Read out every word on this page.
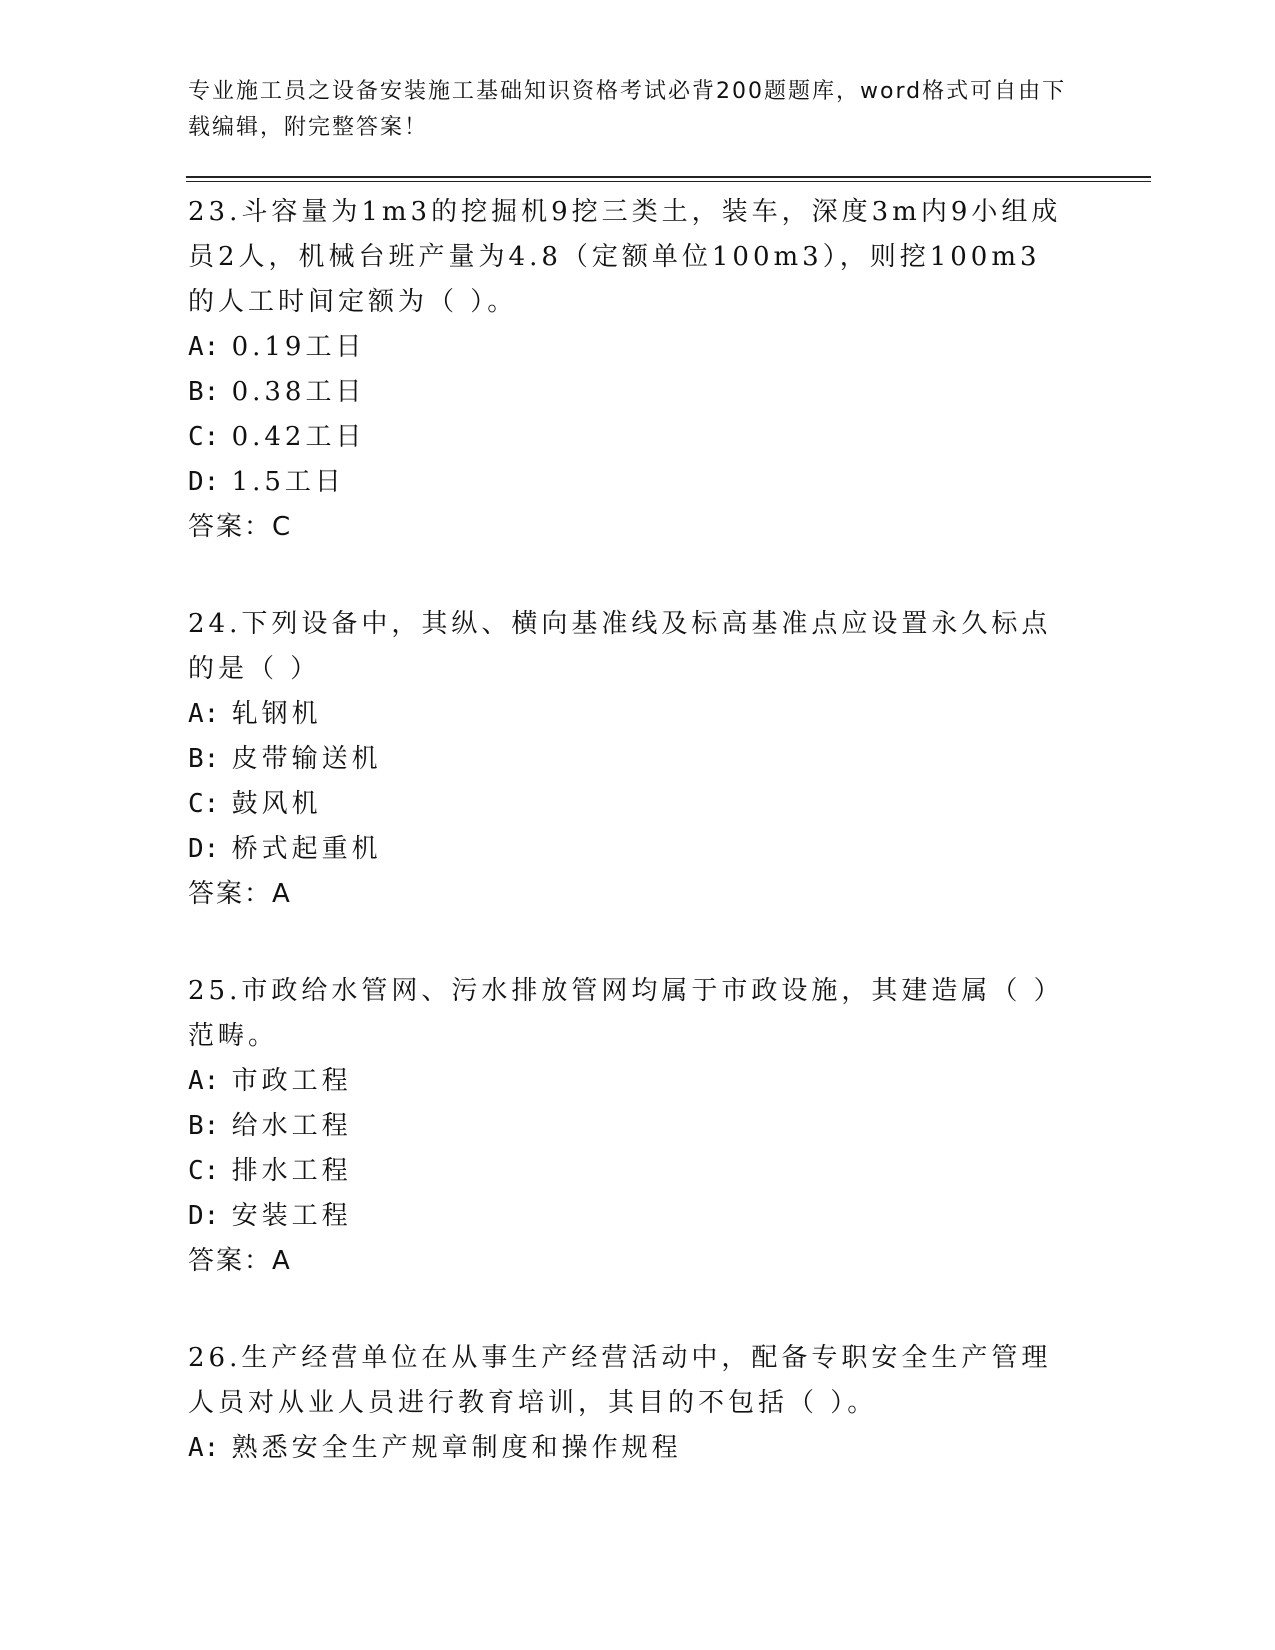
专业施工员之设备安装施工基础知识资格考试必背200题题库，word格式可自由下载编辑，附完整答案！
23.斗容量为1m3的挖掘机9挖三类土，装车，深度3m内9小组成员2人，机械台班产量为4.8（定额单位100m3），则挖100m3的人工时间定额为（ ）。
A: 0.19工日
B: 0.38工日
C: 0.42工日
D: 1.5工日
答案：C
24.下列设备中，其纵、横向基准线及标高基准点应设置永久标点的是（ ）
A: 轧钢机
B: 皮带输送机
C: 鼓风机
D: 桥式起重机
答案：A
25.市政给水管网、污水排放管网均属于市政设施，其建造属（ ）范畴。
A: 市政工程
B: 给水工程
C: 排水工程
D: 安装工程
答案：A
26.生产经营单位在从事生产经营活动中，配备专职安全生产管理人员对从业人员进行教育培训，其目的不包括（ ）。
A: 熟悉安全生产规章制度和操作规程
